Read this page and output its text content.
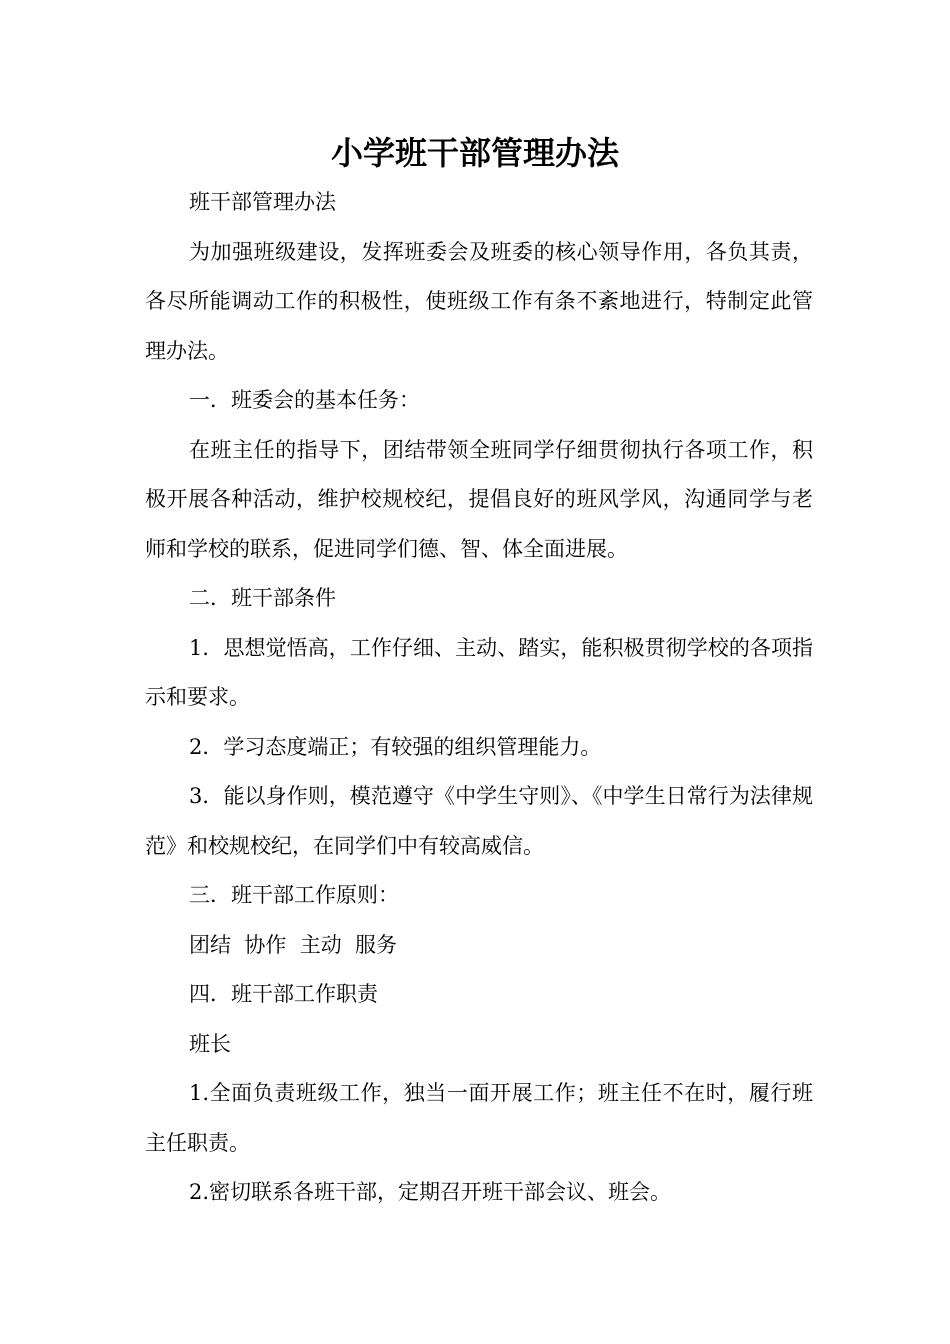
小学班干部管理办法

班干部管理办法

为加强班级建设，发挥班委会及班委的核心领导作用，各负其责，各尽所能调动工作的积极性，使班级工作有条不紊地进行，特制定此管理办法。

一．班委会的基本任务：

在班主任的指导下，团结带领全班同学仔细贯彻执行各项工作，积极开展各种活动，维护校规校纪，提倡良好的班风学风，沟通同学与老师和学校的联系，促进同学们德、智、体全面进展。

二．班干部条件

1．思想觉悟高，工作仔细、主动、踏实，能积极贯彻学校的各项指示和要求。

2．学习态度端正；有较强的组织管理能力。

3．能以身作则，模范遵守《中学生守则》、《中学生日常行为法律规范》和校规校纪，在同学们中有较高威信。

三．班干部工作原则：

团结  协作  主动  服务

四．班干部工作职责

班长

1.全面负责班级工作，独当一面开展工作；班主任不在时，履行班主任职责。

2.密切联系各班干部，定期召开班干部会议、班会。
